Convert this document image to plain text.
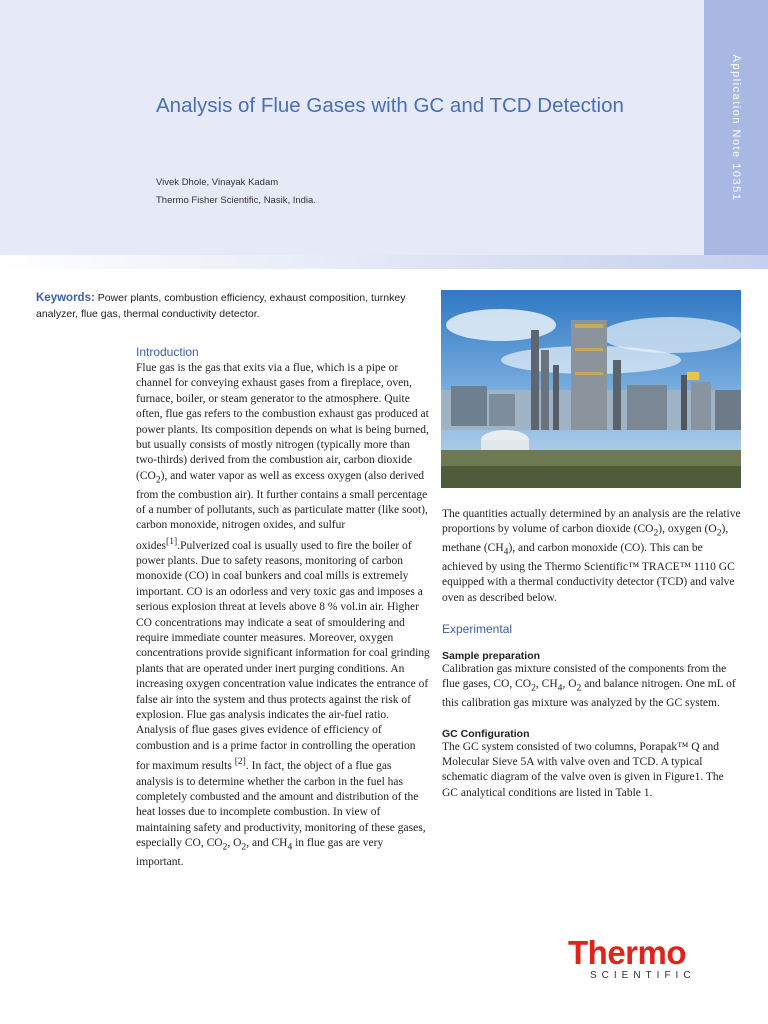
Application Note 10351
Analysis of Flue Gases with GC and TCD Detection
Vivek Dhole, Vinayak Kadam
Thermo Fisher Scientific, Nasik, India.

Keywords: Power plants, combustion efficiency, exhaust composition, turnkey analyzer, flue gas, thermal conductivity detector.

Introduction

Flue gas is the gas that exits via a flue, which is a pipe or channel for conveying exhaust gases from a fireplace, oven, furnace, boiler, or steam generator to the atmosphere. Quite often, flue gas refers to the combustion exhaust gas produced at power plants. Its composition depends on what is being burned, but usually consists of mostly nitrogen (typically more than two-thirds) derived from the combustion air, carbon dioxide $(CO_2)$, and water vapor as well as excess oxygen (also derived from the combustion air). It further contains a small percentage of a number of pollutants, such as particulate matter (like soot), carbon monoxide, nitrogen oxides, and sulfur oxides[1].Pulverized coal is usually used to fire the boiler of power plants. Due to safety reasons, monitoring of carbon monoxide (CO) in coal bunkers and coal mills is extremely important. CO is an odorless and very toxic gas and imposes a serious explosion threat at levels above 8 % vol.in air. Higher CO concentrations may indicate a seat of smouldering and require immediate counter measures. Moreover, oxygen concentrations provide significant information for coal grinding plants that are operated under inert purging conditions. An increasing oxygen concentration value indicates the entrance of false air into the system and thus protects against the risk of explosion. Flue gas analysis indicates the air-fuel ratio. Analysis of flue gases gives evidence of efficiency of combustion and is a prime factor in controlling the operation for maximum results [2]. In fact, the object of a flue gas analysis is to determine whether the carbon in the fuel has completely combusted and the amount and distribution of the heat losses due to incomplete combustion. In view of maintaining safety and productivity, monitoring of these gases, especially CO, $CO_2$, $O_2$, and $CH_4$ in flue gas are very important.

The quantities actually determined by an analysis are the relative proportions by volume of carbon dioxide $(CO_2)$, oxygen $(O_2)$, methane $(CH_4)$, and carbon monoxide (CO). This can be achieved by using the Thermo Scientific™ TRACE™ 1110 GC equipped with a thermal conductivity detector (TCD) and valve oven as described below.

Experimental
Sample preparation

Calibration gas mixture consisted of the components from the flue gases, CO, $CO_2$, $CH_4$, $O_2$ and balance nitrogen. One mL of this calibration gas mixture was analyzed by the GC system.

GC Configuration

The GC system consisted of two columns, Porapak™ Q and Molecular Sieve 5A with valve oven and TCD. A typical schematic diagram of the valve oven is given in Figure1. The GC analytical conditions are listed in Table 1.

Thermo
SCIENTIFIC
